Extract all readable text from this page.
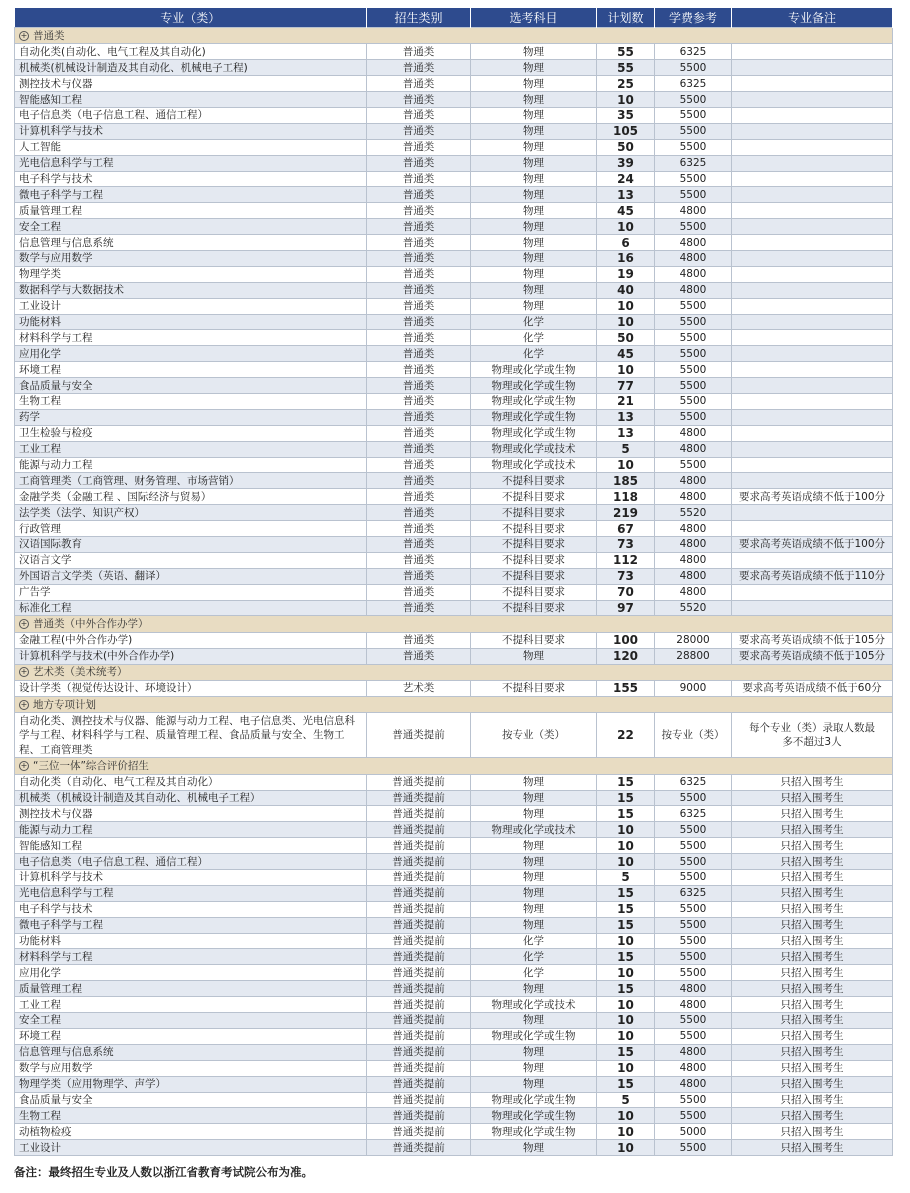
专业（类）	招生类别	选考科目	计划数	学费参考	专业备注
+ 普通类					
自动化类(自动化、电气工程及其自动化)	普通类	物理	55	6325	
机械类(机械设计制造及其自动化、机械电子工程)	普通类	物理	55	5500	
测控技术与仪器	普通类	物理	25	6325	
智能感知工程	普通类	物理	10	5500	
电子信息类（电子信息工程、通信工程）	普通类	物理	35	5500	
计算机科学与技术	普通类	物理	105	5500	
人工智能	普通类	物理	50	5500	
光电信息科学与工程	普通类	物理	39	6325	
电子科学与技术	普通类	物理	24	5500	
微电子科学与工程	普通类	物理	13	5500	
质量管理工程	普通类	物理	45	4800	
安全工程	普通类	物理	10	5500	
信息管理与信息系统	普通类	物理	6	4800	
数学与应用数学	普通类	物理	16	4800	
物理学类	普通类	物理	19	4800	
数据科学与大数据技术	普通类	物理	40	4800	
工业设计	普通类	物理	10	5500	
功能材料	普通类	化学	10	5500	
材料科学与工程	普通类	化学	50	5500	
应用化学	普通类	化学	45	5500	
环境工程	普通类	物理或化学或生物	10	5500	
食品质量与安全	普通类	物理或化学或生物	77	5500	
生物工程	普通类	物理或化学或生物	21	5500	
药学	普通类	物理或化学或生物	13	5500	
卫生检验与检疫	普通类	物理或化学或生物	13	4800	
工业工程	普通类	物理或化学或技术	5	4800	
能源与动力工程	普通类	物理或化学或技术	10	5500	
工商管理类（工商管理、财务管理、市场营销）	普通类	不提科目要求	185	4800	
金融学类（金融工程 、国际经济与贸易）	普通类	不提科目要求	118	4800	要求高考英语成绩不低于100分
法学类（法学、知识产权）	普通类	不提科目要求	219	5520	
行政管理	普通类	不提科目要求	67	4800	
汉语国际教育	普通类	不提科目要求	73	4800	要求高考英语成绩不低于100分
汉语言文学	普通类	不提科目要求	112	4800	
外国语言文学类（英语、翻译）	普通类	不提科目要求	73	4800	要求高考英语成绩不低于110分
广告学	普通类	不提科目要求	70	4800	
标准化工程	普通类	不提科目要求	97	5520	
+ 普通类（中外合作办学）					
金融工程(中外合作办学)	普通类	不提科目要求	100	28000	要求高考英语成绩不低于105分
计算机科学与技术(中外合作办学)	普通类	物理	120	28800	要求高考英语成绩不低于105分
+ 艺术类（美术统考）					
设计学类（视觉传达设计、环境设计）	艺术类	不提科目要求	155	9000	要求高考英语成绩不低于60分
+ 地方专项计划					
自动化类、测控技术与仪器、能源与动力工程、电子信息类、光电信息科学与工程、材料科学与工程、质量管理工程、食品质量与安全、生物工程、工商管理类	普通类提前	按专业（类）	22	按专业（类）	每个专业（类）录取人数最多不超过3人
+ “三位一体”综合评价招生					
自动化类（自动化、电气工程及其自动化）	普通类提前	物理	15	6325	只招入围考生
机械类（机械设计制造及其自动化、机械电子工程）	普通类提前	物理	15	5500	只招入围考生
测控技术与仪器	普通类提前	物理	15	6325	只招入围考生
能源与动力工程	普通类提前	物理或化学或技术	10	5500	只招入围考生
智能感知工程	普通类提前	物理	10	5500	只招入围考生
电子信息类（电子信息工程、通信工程）	普通类提前	物理	10	5500	只招入围考生
计算机科学与技术	普通类提前	物理	5	5500	只招入围考生
光电信息科学与工程	普通类提前	物理	15	6325	只招入围考生
电子科学与技术	普通类提前	物理	15	5500	只招入围考生
微电子科学与工程	普通类提前	物理	15	5500	只招入围考生
功能材料	普通类提前	化学	10	5500	只招入围考生
材料科学与工程	普通类提前	化学	15	5500	只招入围考生
应用化学	普通类提前	化学	10	5500	只招入围考生
质量管理工程	普通类提前	物理	15	4800	只招入围考生
工业工程	普通类提前	物理或化学或技术	10	4800	只招入围考生
安全工程	普通类提前	物理	10	5500	只招入围考生
环境工程	普通类提前	物理或化学或生物	10	5500	只招入围考生
信息管理与信息系统	普通类提前	物理	15	4800	只招入围考生
数学与应用数学	普通类提前	物理	10	4800	只招入围考生
物理学类（应用物理学、声学）	普通类提前	物理	15	4800	只招入围考生
食品质量与安全	普通类提前	物理或化学或生物	5	5500	只招入围考生
生物工程	普通类提前	物理或化学或生物	10	5500	只招入围考生
动植物检疫	普通类提前	物理或化学或生物	10	5000	只招入围考生
工业设计	普通类提前	物理	10	5500	只招入围考生
备注：最终招生专业及人数以浙江省教育考试院公布为准。
